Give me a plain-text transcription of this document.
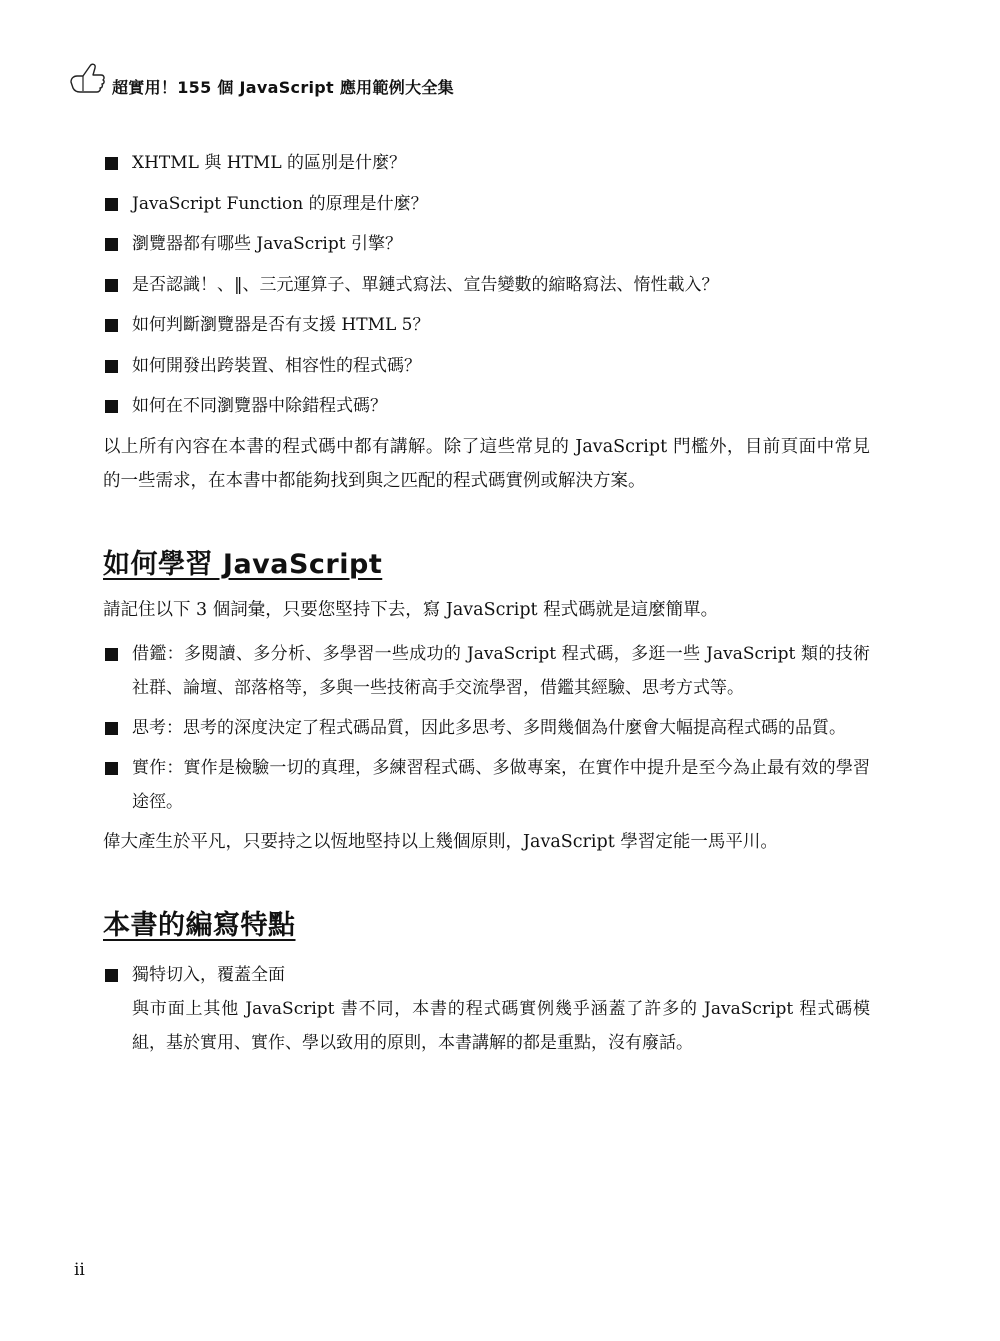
超實用！155 個 JavaScript 應用範例大全集
XHTML 與 HTML 的區別是什麼？
JavaScript Function 的原理是什麼？
瀏覽器都有哪些 JavaScript 引擎？
是否認識！、‖、三元運算子、單鏈式寫法、宣告變數的縮略寫法、惰性載入？
如何判斷瀏覽器是否有支援 HTML 5？
如何開發出跨裝置、相容性的程式碼？
如何在不同瀏覽器中除錯程式碼？

以上所有內容在本書的程式碼中都有講解。除了這些常見的 JavaScript 門檻外，目前頁面中常見的一些需求，在本書中都能夠找到與之匹配的程式碼實例或解決方案。

如何學習 JavaScript

請記住以下 3 個詞彙，只要您堅持下去，寫 JavaScript 程式碼就是這麼簡單。

借鑑：多閱讀、多分析、多學習一些成功的 JavaScript 程式碼，多逛一些 JavaScript 類的技術社群、論壇、部落格等，多與一些技術高手交流學習，借鑑其經驗、思考方式等。
思考：思考的深度決定了程式碼品質，因此多思考、多問幾個為什麼會大幅提高程式碼的品質。
實作：實作是檢驗一切的真理，多練習程式碼、多做專案，在實作中提升是至今為止最有效的學習途徑。

偉大產生於平凡，只要持之以恆地堅持以上幾個原則，JavaScript 學習定能一馬平川。

本書的編寫特點
獨特切入，覆蓋全面
與市面上其他 JavaScript 書不同，本書的程式碼實例幾乎涵蓋了許多的 JavaScript 程式碼模組，基於實用、實作、學以致用的原則，本書講解的都是重點，沒有廢話。
ii
